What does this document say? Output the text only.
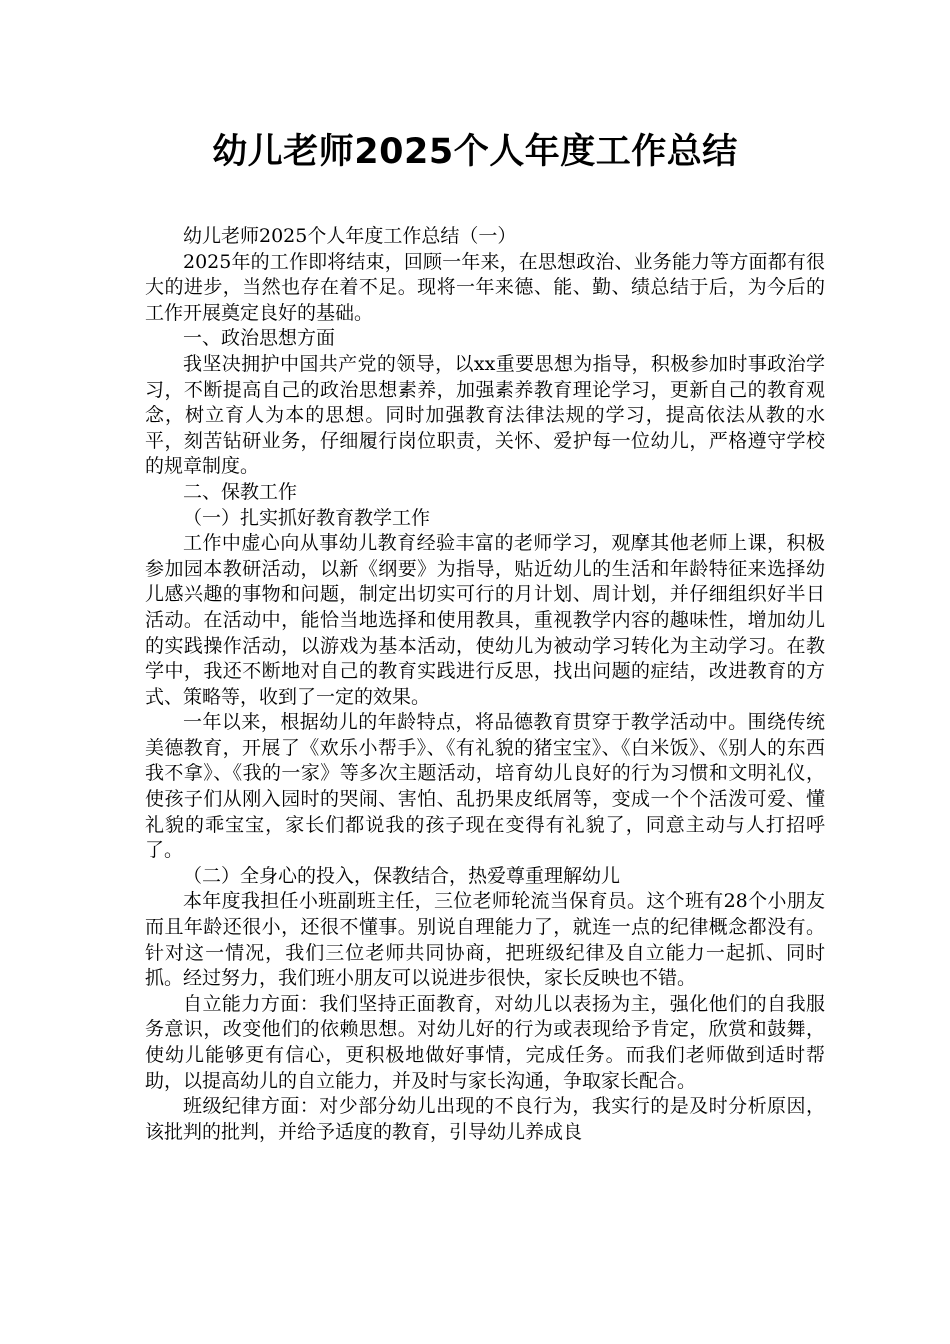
幼儿老师2025个人年度工作总结

幼儿老师2025个人年度工作总结（一）

2025年的工作即将结束，回顾一年来，在思想政治、业务能力等方面都有很大的进步，当然也存在着不足。现将一年来德、能、勤、绩总结于后，为今后的工作开展奠定良好的基础。

一、政治思想方面

我坚决拥护中国共产党的领导，以xx重要思想为指导，积极参加时事政治学习，不断提高自己的政治思想素养，加强素养教育理论学习，更新自己的教育观念，树立育人为本的思想。同时加强教育法律法规的学习，提高依法从教的水平，刻苦钻研业务，仔细履行岗位职责，关怀、爱护每一位幼儿，严格遵守学校的规章制度。

二、保教工作

（一）扎实抓好教育教学工作

工作中虚心向从事幼儿教育经验丰富的老师学习，观摩其他老师上课，积极参加园本教研活动，以新《纲要》为指导，贴近幼儿的生活和年龄特征来选择幼儿感兴趣的事物和问题，制定出切实可行的月计划、周计划，并仔细组织好半日活动。在活动中，能恰当地选择和使用教具，重视教学内容的趣味性，增加幼儿的实践操作活动，以游戏为基本活动，使幼儿为被动学习转化为主动学习。在教学中，我还不断地对自己的教育实践进行反思，找出问题的症结，改进教育的方式、策略等，收到了一定的效果。

一年以来，根据幼儿的年龄特点，将品德教育贯穿于教学活动中。围绕传统美德教育，开展了《欢乐小帮手》、《有礼貌的猪宝宝》、《白米饭》、《别人的东西我不拿》、《我的一家》等多次主题活动，培育幼儿良好的行为习惯和文明礼仪，使孩子们从刚入园时的哭闹、害怕、乱扔果皮纸屑等，变成一个个活泼可爱、懂礼貌的乖宝宝，家长们都说我的孩子现在变得有礼貌了，同意主动与人打招呼了。

（二）全身心的投入，保教结合，热爱尊重理解幼儿

本年度我担任小班副班主任，三位老师轮流当保育员。这个班有28个小朋友而且年龄还很小，还很不懂事。别说自理能力了，就连一点的纪律概念都没有。针对这一情况，我们三位老师共同协商，把班级纪律及自立能力一起抓、同时抓。经过努力，我们班小朋友可以说进步很快，家长反映也不错。

自立能力方面：我们坚持正面教育，对幼儿以表扬为主，强化他们的自我服务意识，改变他们的依赖思想。对幼儿好的行为或表现给予肯定，欣赏和鼓舞，使幼儿能够更有信心，更积极地做好事情，完成任务。而我们老师做到适时帮助，以提高幼儿的自立能力，并及时与家长沟通，争取家长配合。

班级纪律方面：对少部分幼儿出现的不良行为，我实行的是及时分析原因，该批判的批判，并给予适度的教育，引导幼儿养成良
